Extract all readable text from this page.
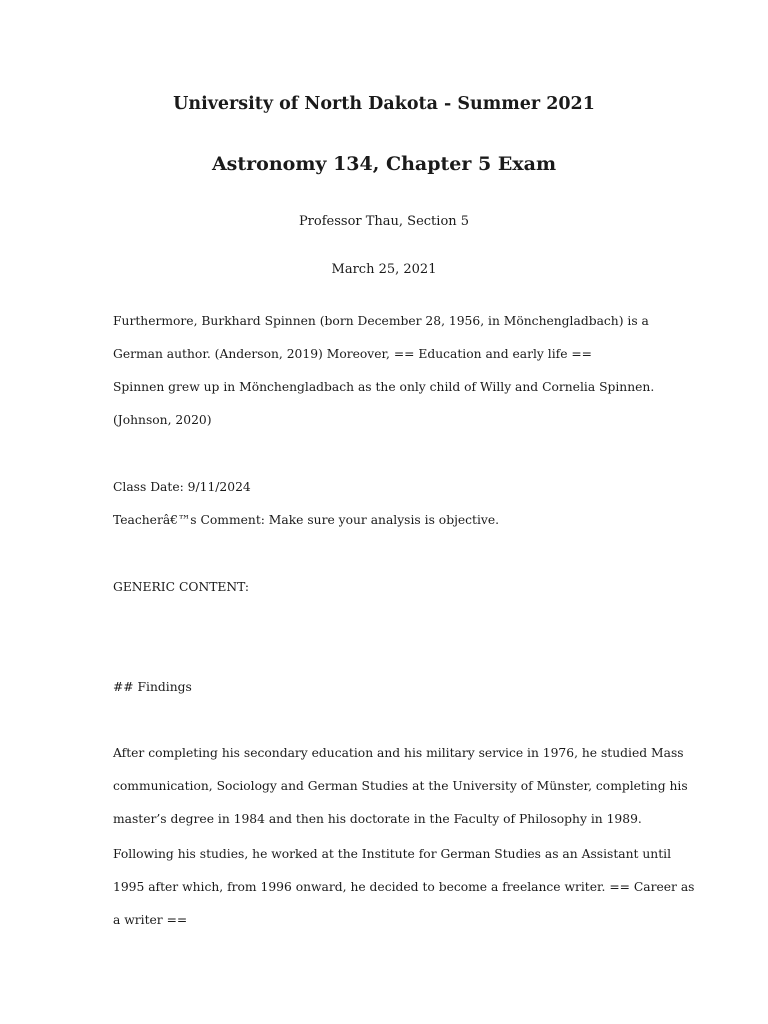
University of North Dakota - Summer 2021
Astronomy 134, Chapter 5 Exam
Professor Thau, Section 5
March 25, 2021
Furthermore, Burkhard Spinnen (born December 28, 1956, in Mönchengladbach) is a
German author. (Anderson, 2019) Moreover, == Education and early life ==
Spinnen grew up in Mönchengladbach as the only child of Willy and Cornelia Spinnen.
(Johnson, 2020)
Class Date: 9/11/2024
Teacherâ€™s Comment: Make sure your analysis is objective.
GENERIC CONTENT:
## Findings
After completing his secondary education and his military service in 1976, he studied Mass
communication, Sociology and German Studies at the University of Münster, completing his
master’s degree in 1984 and then his doctorate in the Faculty of Philosophy in 1989.
Following his studies, he worked at the Institute for German Studies as an Assistant until
1995 after which, from 1996 onward, he decided to become a freelance writer. == Career as
a writer ==
